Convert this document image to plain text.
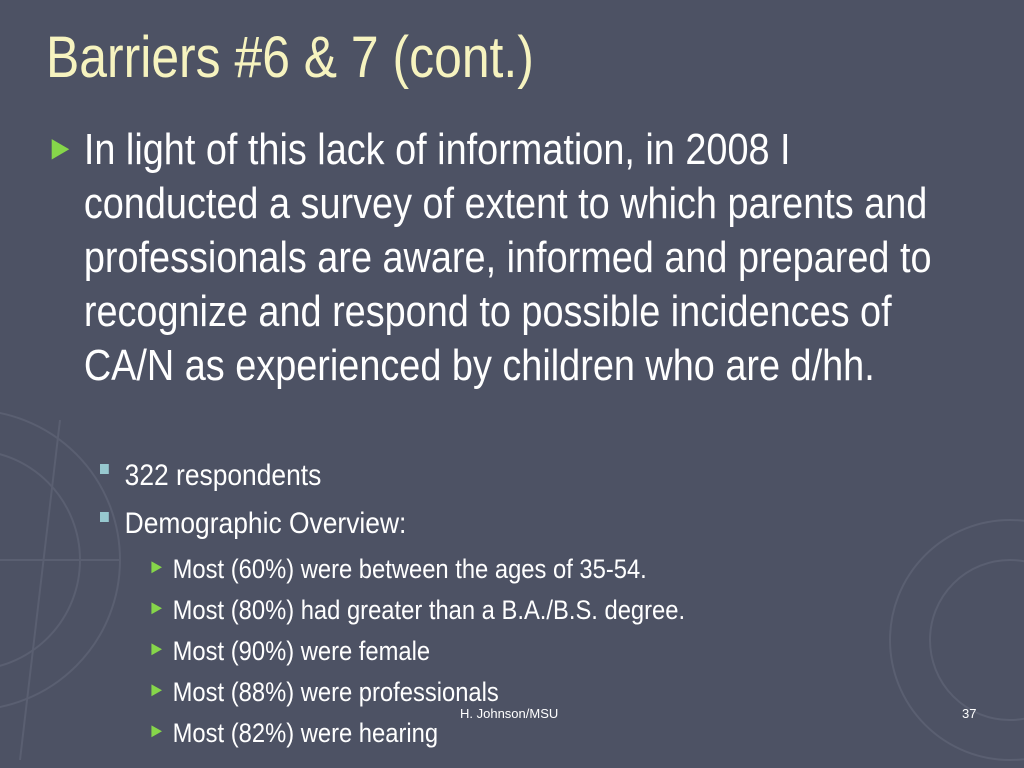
Barriers #6 & 7 (cont.)
► In light of this lack of information, in 2008 I conducted a survey of extent to which parents and professionals are aware, informed and prepared to recognize and respond to possible incidences of CA/N as experienced by children who are d/hh.
322 respondents
Demographic Overview:
► Most (60%) were between the ages of 35-54.
► Most (80%) had greater than a B.A./B.S. degree.
► Most (90%) were female
► Most (88%) were professionals
► Most (82%) were hearing
H. Johnson/MSU	37
